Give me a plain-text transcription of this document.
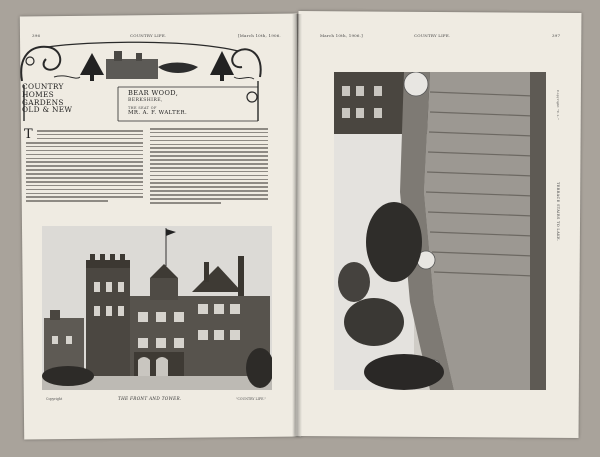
396	COUNTRY LIFE.	[March 10th, 1906.
COUNTRY
HOMES
GARDENS
OLD & NEW
BEAR WOOD,
BERKSHIRE,
THE SEAT OF
MR. A. F. WALTER.
T
Copyright	THE FRONT AND TOWER.	"COUNTRY LIFE."
March 10th, 1906.]	COUNTRY LIFE.	397
TERRACE STAIRS TO LAKE.
Copyright "C.L."
